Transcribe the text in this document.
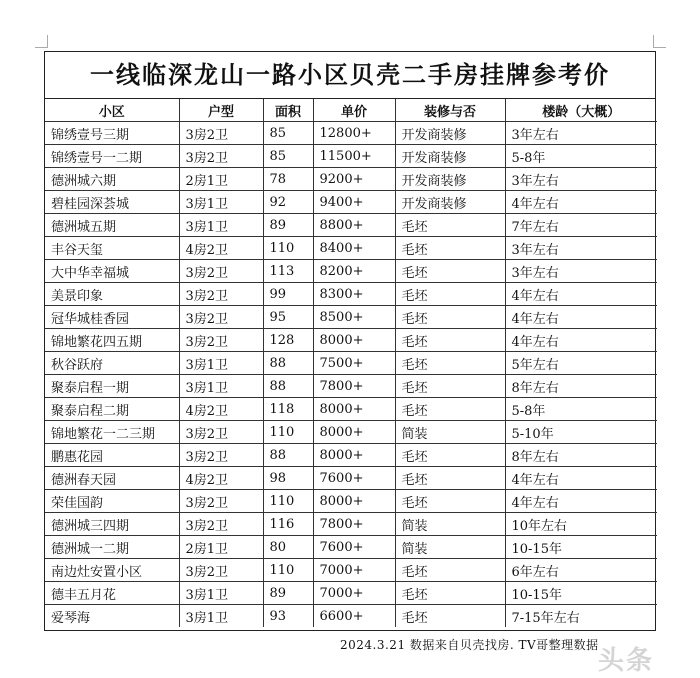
一线临深龙山一路小区贝壳二手房挂牌参考价
小区	户型	面积	单价	装修与否	楼龄（大概）
锦绣壹号三期	3房2卫	85	12800+	开发商装修	3年左右
锦绣壹号一二期	3房2卫	85	11500+	开发商装修	5-8年
德洲城六期	2房1卫	78	9200+	开发商装修	3年左右
碧桂园深荟城	3房1卫	92	9400+	开发商装修	4年左右
德洲城五期	3房1卫	89	8800+	毛坯	7年左右
丰谷天玺	4房2卫	110	8400+	毛坯	3年左右
大中华幸福城	3房2卫	113	8200+	毛坯	3年左右
美景印象	3房2卫	99	8300+	毛坯	4年左右
冠华城桂香园	3房2卫	95	8500+	毛坯	4年左右
锦地繁花四五期	3房2卫	128	8000+	毛坯	4年左右
秋谷跃府	3房1卫	88	7500+	毛坯	5年左右
聚泰启程一期	3房1卫	88	7800+	毛坯	8年左右
聚泰启程二期	4房2卫	118	8000+	毛坯	5-8年
锦地繁花一二三期	3房2卫	110	8000+	简装	5-10年
鹏惠花园	3房2卫	88	8000+	毛坯	8年左右
德洲春天园	4房2卫	98	7600+	毛坯	4年左右
荣佳国韵	3房2卫	110	8000+	毛坯	4年左右
德洲城三四期	3房2卫	116	7800+	简装	10年左右
德洲城一二期	2房1卫	80	7600+	简装	10-15年
南边灶安置小区	3房2卫	110	7000+	毛坯	6年左右
德丰五月花	3房1卫	89	7000+	毛坯	10-15年
爱琴海	3房1卫	93	6600+	毛坯	7-15年左右
2024.3.21 数据来自贝壳找房. TV哥整理数据
头条
